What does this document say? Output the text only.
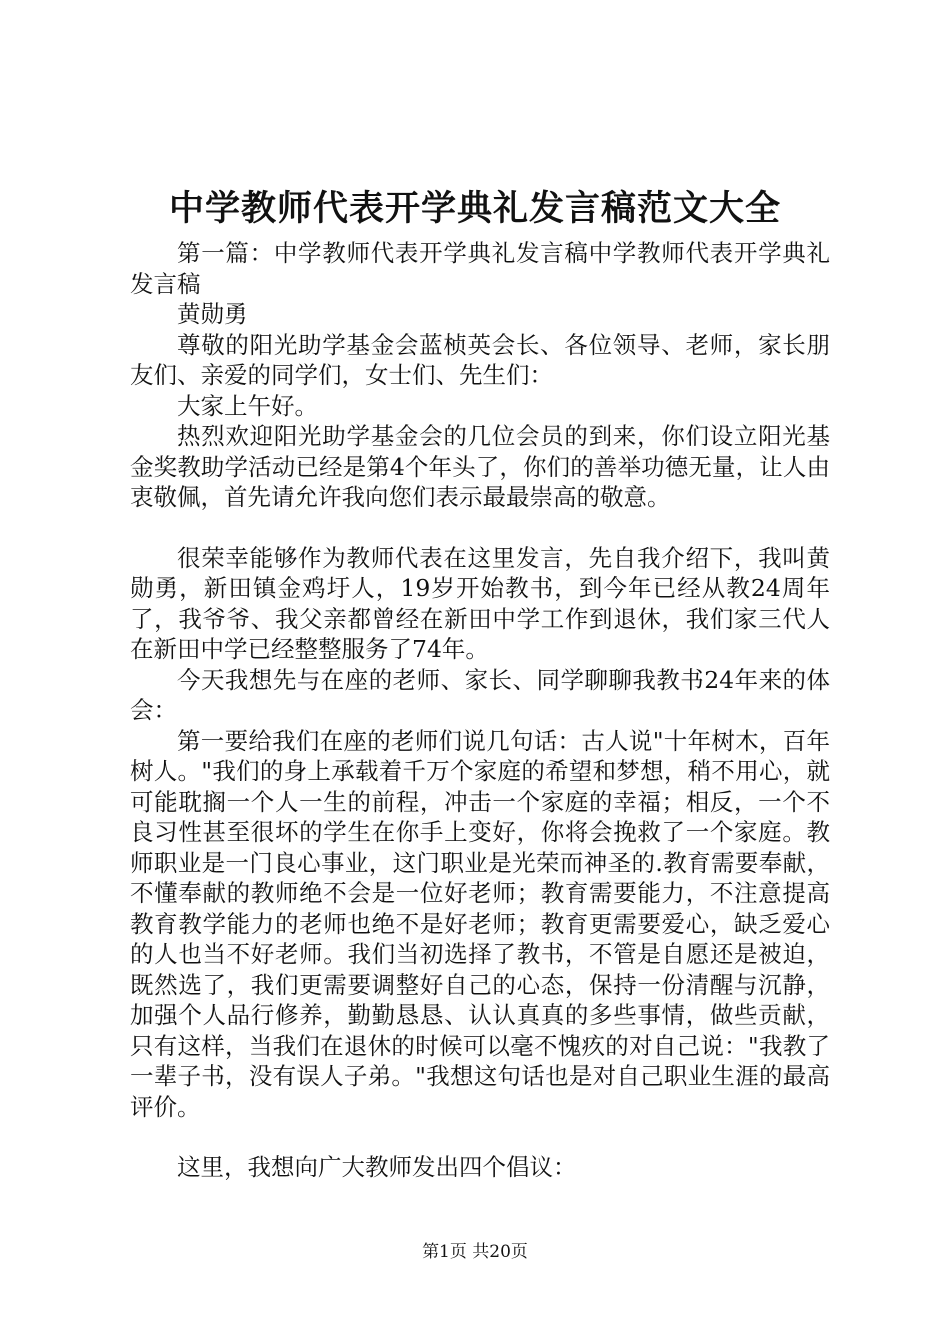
中学教师代表开学典礼发言稿范文大全

第一篇：中学教师代表开学典礼发言稿中学教师代表开学典礼发言稿

黄勋勇

尊敬的阳光助学基金会蓝桢英会长、各位领导、老师，家长朋友们、亲爱的同学们，女士们、先生们：

大家上午好。

热烈欢迎阳光助学基金会的几位会员的到来，你们设立阳光基金奖教助学活动已经是第4个年头了，你们的善举功德无量，让人由衷敬佩，首先请允许我向您们表示最最崇高的敬意。

很荣幸能够作为教师代表在这里发言，先自我介绍下，我叫黄勋勇，新田镇金鸡圩人，19岁开始教书，到今年已经从教24周年了，我爷爷、我父亲都曾经在新田中学工作到退休，我们家三代人在新田中学已经整整服务了74年。

今天我想先与在座的老师、家长、同学聊聊我教书24年来的体会：

第一要给我们在座的老师们说几句话：古人说"十年树木，百年树人。"我们的身上承载着千万个家庭的希望和梦想，稍不用心，就可能耽搁一个人一生的前程，冲击一个家庭的幸福；相反，一个不良习性甚至很坏的学生在你手上变好，你将会挽救了一个家庭。教师职业是一门良心事业，这门职业是光荣而神圣的.教育需要奉献，不懂奉献的教师绝不会是一位好老师；教育需要能力，不注意提高教育教学能力的老师也绝不是好老师；教育更需要爱心，缺乏爱心的人也当不好老师。我们当初选择了教书，不管是自愿还是被迫，既然选了，我们更需要调整好自己的心态，保持一份清醒与沉静，加强个人品行修养，勤勤恳恳、认认真真的多些事情，做些贡献，只有这样，当我们在退休的时候可以毫不愧疚的对自己说："我教了一辈子书，没有误人子弟。"我想这句话也是对自己职业生涯的最高评价。

这里，我想向广大教师发出四个倡议：

第1页 共20页
